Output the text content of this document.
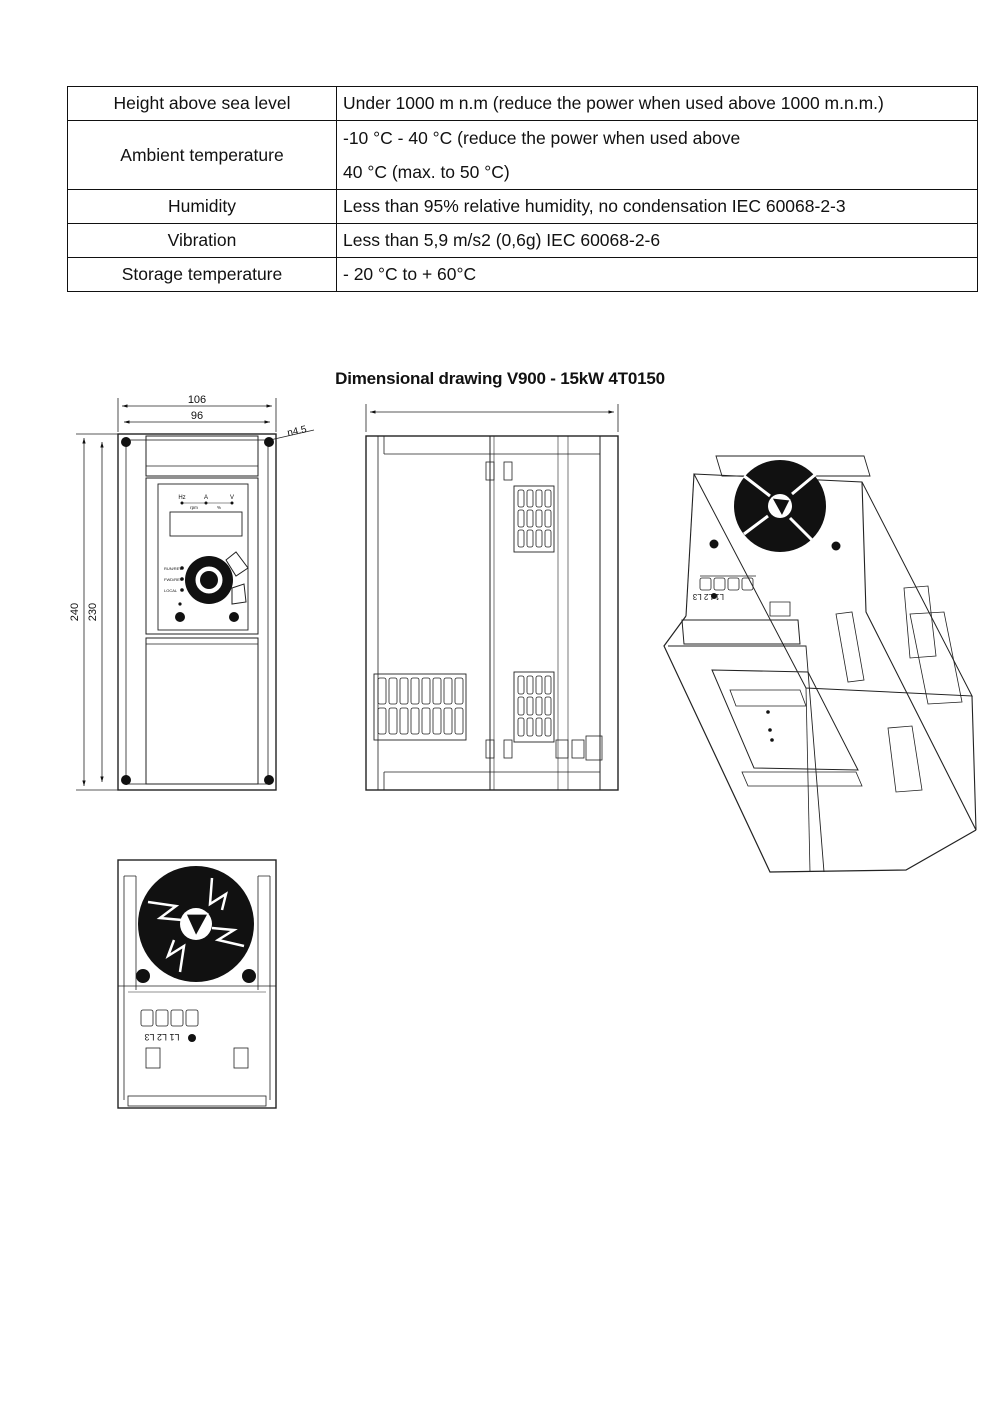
Height above sea level	Under 1000 m n.m (reduce the power when used above 1000 m.n.m.)
Ambient temperature	-10 °C - 40 °C (reduce the power when used above
	40 °C (max. to 50 °C)
Humidity	Less than 95% relative humidity, no condensation IEC 60068-2-3
Vibration	Less than 5,9 m/s2 (0,6g) IEC 60068-2-6
Storage temperature	- 20 °C to + 60°C
Dimensional drawing V900 - 15kW 4T0150
106
96
n4.5
240 230
Hz	A	V
rpm	%
RUN/REV
FWD/REV
LOCAL
L1 L2 L3
L1 L2 L3
